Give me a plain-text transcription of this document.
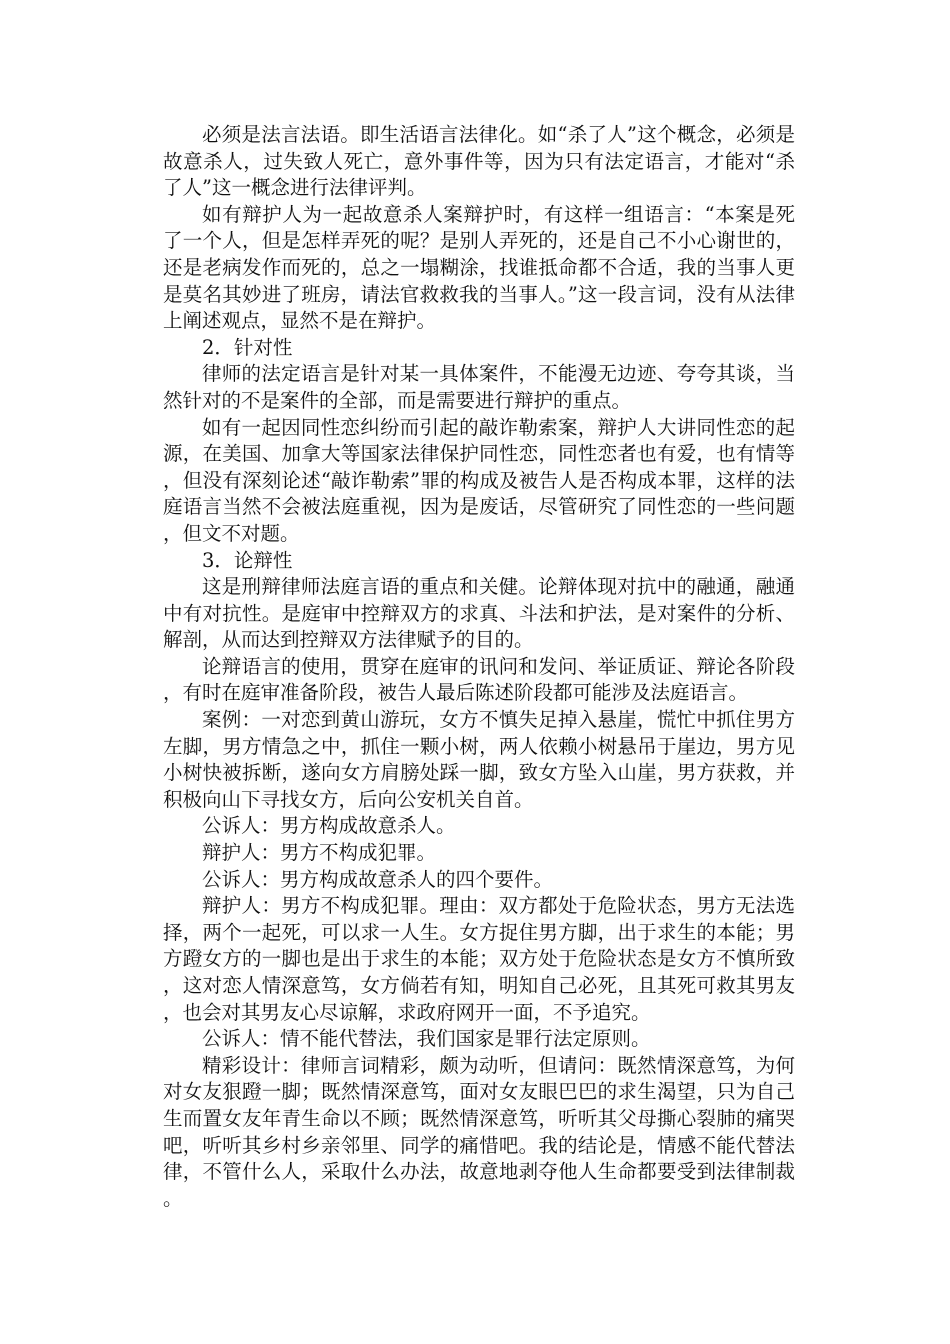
必须是法言法语。即生活语言法律化。如“杀了人”这个概念，必须是故意杀人，过失致人死亡，意外事件等，因为只有法定语言，才能对“杀了人”这一概念进行法律评判。

如有辩护人为一起故意杀人案辩护时，有这样一组语言：“本案是死了一个人，但是怎样弄死的呢？是别人弄死的，还是自己不小心谢世的，还是老病发作而死的，总之一塌糊涂，找谁抵命都不合适，我的当事人更是莫名其妙进了班房，请法官救救我的当事人。”这一段言词，没有从法律上阐述观点，显然不是在辩护。

2．针对性

律师的法定语言是针对某一具体案件，不能漫无边迹、夸夸其谈，当然针对的不是案件的全部，而是需要进行辩护的重点。

如有一起因同性恋纠纷而引起的敲诈勒索案，辩护人大讲同性恋的起源，在美国、加拿大等国家法律保护同性恋，同性恋者也有爱，也有情等，但没有深刻论述“敲诈勒索”罪的构成及被告人是否构成本罪，这样的法庭语言当然不会被法庭重视，因为是废话，尽管研究了同性恋的一些问题，但文不对题。

3．论辩性

这是刑辩律师法庭言语的重点和关健。论辩体现对抗中的融通，融通中有对抗性。是庭审中控辩双方的求真、斗法和护法，是对案件的分析、解剖，从而达到控辩双方法律赋予的目的。

论辩语言的使用，贯穿在庭审的讯问和发问、举证质证、辩论各阶段，有时在庭审准备阶段，被告人最后陈述阶段都可能涉及法庭语言。

案例：一对恋到黄山游玩，女方不慎失足掉入悬崖，慌忙中抓住男方左脚，男方情急之中，抓住一颗小树，两人依赖小树悬吊于崖边，男方见小树快被拆断，遂向女方肩膀处踩一脚，致女方坠入山崖，男方获救，并积极向山下寻找女方，后向公安机关自首。

公诉人：男方构成故意杀人。

辩护人：男方不构成犯罪。

公诉人：男方构成故意杀人的四个要件。

辩护人：男方不构成犯罪。理由：双方都处于危险状态，男方无法选择，两个一起死，可以求一人生。女方捉住男方脚，出于求生的本能；男方蹬女方的一脚也是出于求生的本能；双方处于危险状态是女方不慎所致，这对恋人情深意笃，女方倘若有知，明知自己必死，且其死可救其男友，也会对其男友心尽谅解，求政府网开一面，不予追究。

公诉人：情不能代替法，我们国家是罪行法定原则。

精彩设计：律师言词精彩，颇为动听，但请问：既然情深意笃，为何对女友狠蹬一脚；既然情深意笃，面对女友眼巴巴的求生渴望，只为自己生而置女友年青生命以不顾；既然情深意笃，听听其父母撕心裂肺的痛哭吧，听听其乡村乡亲邻里、同学的痛惜吧。我的结论是，情感不能代替法律，不管什么人，采取什么办法，故意地剥夺他人生命都要受到法律制裁。
